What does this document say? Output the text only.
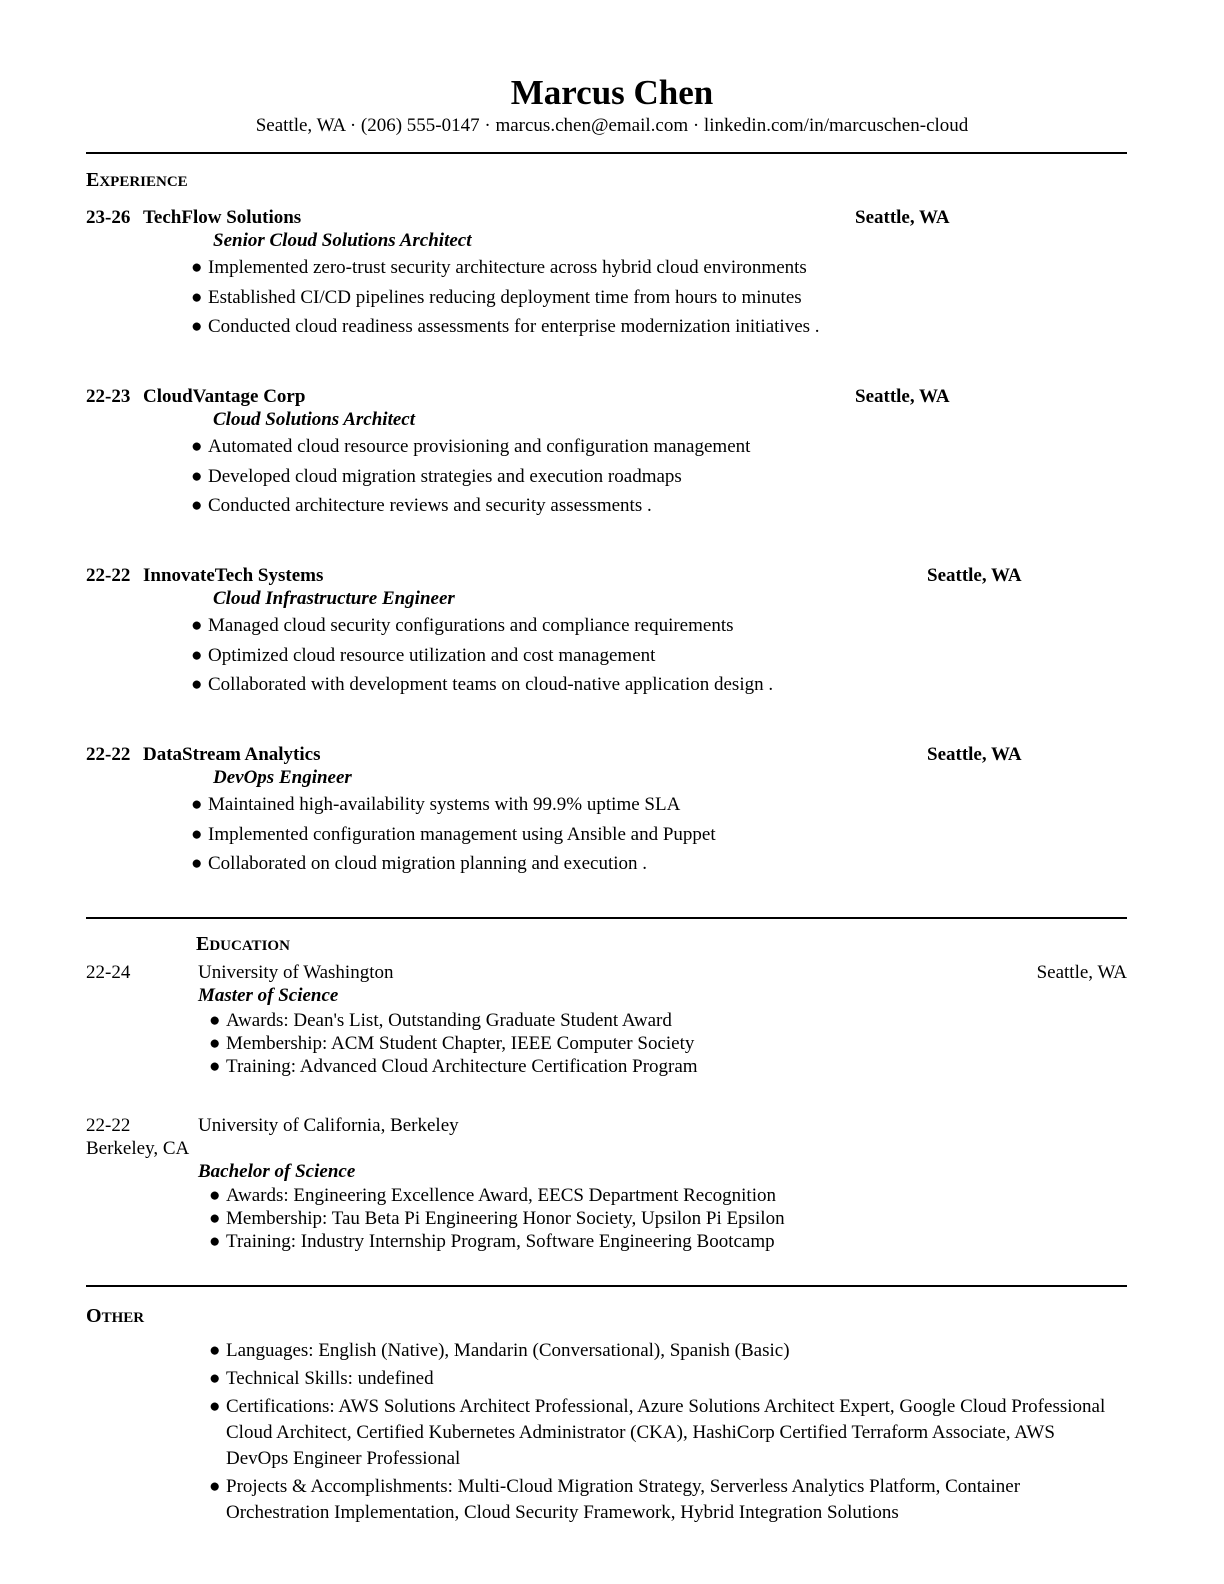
Marcus Chen
Seattle, WA · (206) 555-0147 · marcus.chen@email.com · linkedin.com/in/marcuschen-cloud
EXPERIENCE
23-26 TechFlow Solutions	Seattle, WA
Senior Cloud Solutions Architect
● Implemented zero-trust security architecture across hybrid cloud environments
● Established CI/CD pipelines reducing deployment time from hours to minutes
● Conducted cloud readiness assessments for enterprise modernization initiatives .
22-23 CloudVantage Corp	Seattle, WA
Cloud Solutions Architect
● Automated cloud resource provisioning and configuration management
● Developed cloud migration strategies and execution roadmaps
● Conducted architecture reviews and security assessments .
22-22 InnovateTech Systems	Seattle, WA
Cloud Infrastructure Engineer
● Managed cloud security configurations and compliance requirements
● Optimized cloud resource utilization and cost management
● Collaborated with development teams on cloud-native application design .
22-22 DataStream Analytics	Seattle, WA
DevOps Engineer
● Maintained high-availability systems with 99.9% uptime SLA
● Implemented configuration management using Ansible and Puppet
● Collaborated on cloud migration planning and execution .
EDUCATION
22-24	University of Washington	Seattle, WA
Master of Science
● Awards: Dean's List, Outstanding Graduate Student Award
● Membership: ACM Student Chapter, IEEE Computer Society
● Training: Advanced Cloud Architecture Certification Program
22-22	University of California, Berkeley
Berkeley, CA
Bachelor of Science
● Awards: Engineering Excellence Award, EECS Department Recognition
● Membership: Tau Beta Pi Engineering Honor Society, Upsilon Pi Epsilon
● Training: Industry Internship Program, Software Engineering Bootcamp
OTHER
● Languages: English (Native), Mandarin (Conversational), Spanish (Basic)
● Technical Skills: undefined
● Certifications: AWS Solutions Architect Professional, Azure Solutions Architect Expert, Google Cloud Professional Cloud Architect, Certified Kubernetes Administrator (CKA), HashiCorp Certified Terraform Associate, AWS DevOps Engineer Professional
● Projects & Accomplishments: Multi-Cloud Migration Strategy, Serverless Analytics Platform, Container Orchestration Implementation, Cloud Security Framework, Hybrid Integration Solutions
